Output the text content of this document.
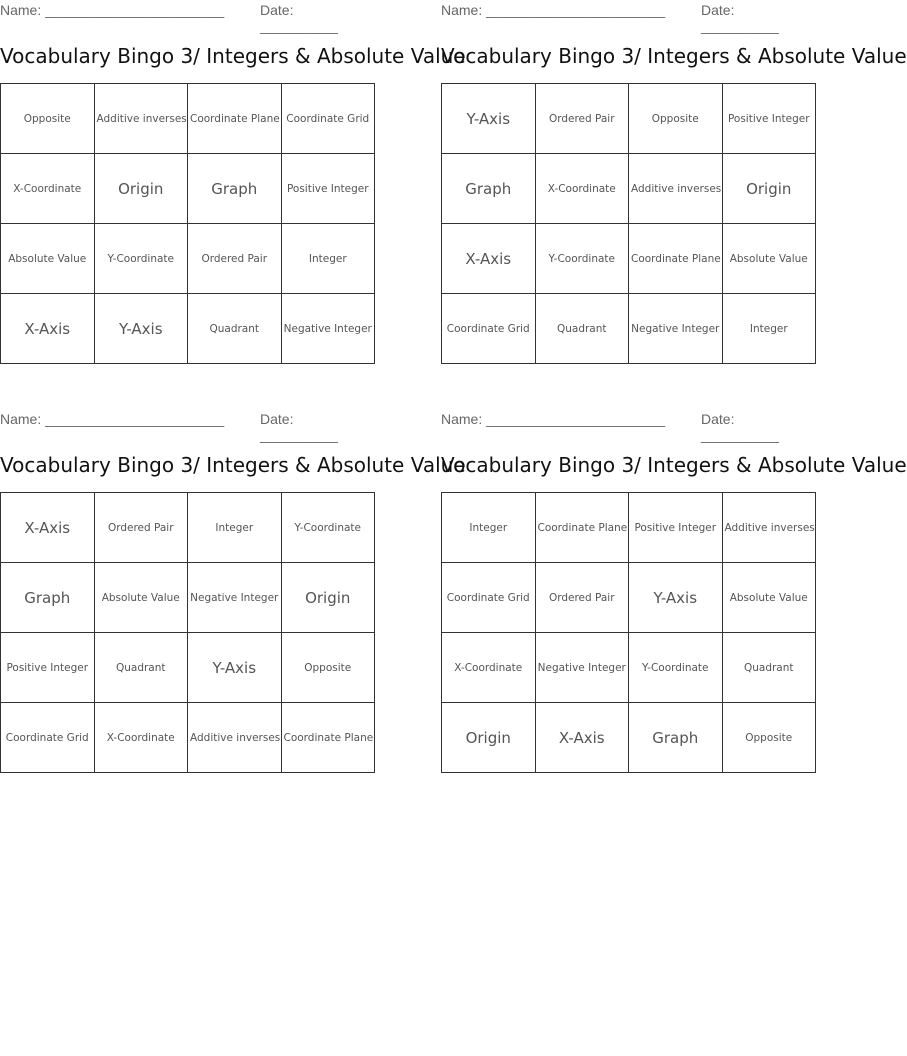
Name: _______________________	Date: __________
Vocabulary Bingo 3/ Integers & Absolute Value
Opposite	Additive inverses	Coordinate Plane	Coordinate Grid
X-Coordinate	Origin	Graph	Positive Integer
Absolute Value	Y-Coordinate	Ordered Pair	Integer
X-Axis	Y-Axis	Quadrant	Negative Integer
Name: _______________________	Date: __________
Vocabulary Bingo 3/ Integers & Absolute Value
Y-Axis	Ordered Pair	Opposite	Positive Integer
Graph	X-Coordinate	Additive inverses	Origin
X-Axis	Y-Coordinate	Coordinate Plane	Absolute Value
Coordinate Grid	Quadrant	Negative Integer	Integer
Name: _______________________	Date: __________
Vocabulary Bingo 3/ Integers & Absolute Value
X-Axis	Ordered Pair	Integer	Y-Coordinate
Graph	Absolute Value	Negative Integer	Origin
Positive Integer	Quadrant	Y-Axis	Opposite
Coordinate Grid	X-Coordinate	Additive inverses	Coordinate Plane
Name: _______________________	Date: __________
Vocabulary Bingo 3/ Integers & Absolute Value
Integer	Coordinate Plane	Positive Integer	Additive inverses
Coordinate Grid	Ordered Pair	Y-Axis	Absolute Value
X-Coordinate	Negative Integer	Y-Coordinate	Quadrant
Origin	X-Axis	Graph	Opposite
